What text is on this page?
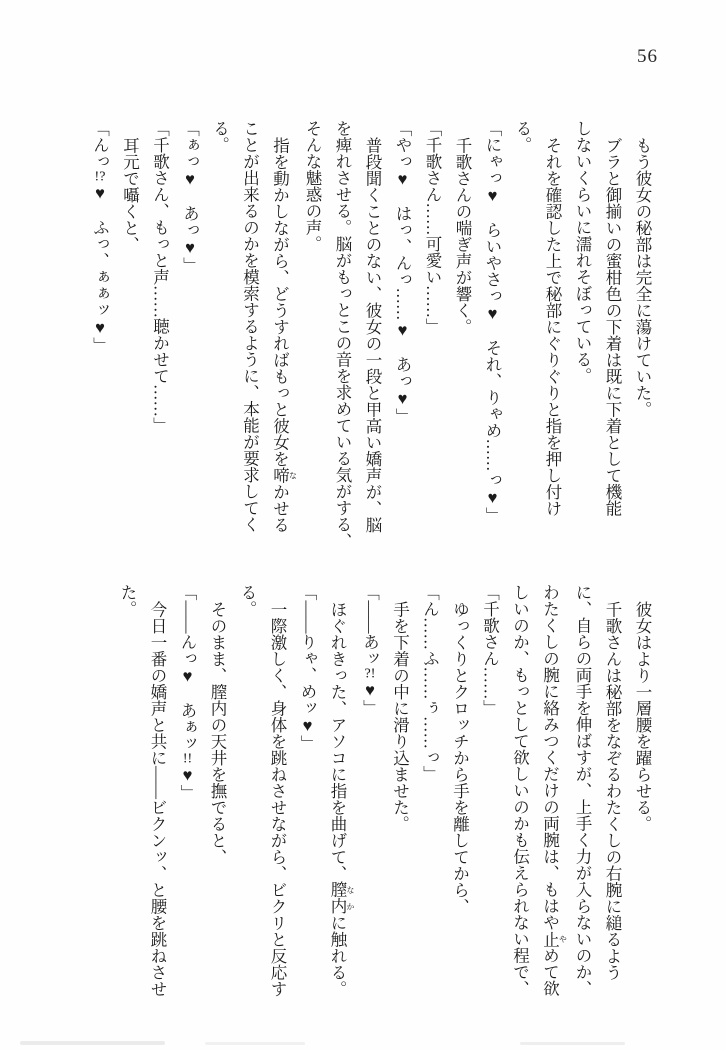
56

もう彼女の秘部は完全に蕩けていた。

ブラと御揃いの蜜柑色の下着は既に下着として機能

しないくらいに濡れそぼっている。

それを確認した上で秘部にぐりぐりと指を押し付け

る。

「にゃっ♥　らいやさっ♥　それ、りゃめ……っ♥」

千歌さんの喘ぎ声が響く。

「千歌さん……可愛い……」

「やっ♥　はっ、んっ……♥　あっ♥」

普段聞くことのない、彼女の一段と甲高い嬌声が、脳

を痺れさせる。脳がもっとこの音を求めている気がする、

そんな魅惑の声。

指を動かしながら、どうすればもっと彼女を啼 なかせる

ことが出来るのかを模索するように、本能が要求してく

る。

「ぁっ♥　あっ♥」

「千歌さん、もっと声……聴かせて……」

耳元で囁くと、

「んっ!?♥　ふっ、ぁぁッ♥」

彼女はより一層腰を躍らせる。

千歌さんは秘部をなぞるわたくしの右腕に縋るよう

に、自らの両手を伸ばすが、上手く力が入らないのか、

わたくしの腕に絡みつくだけの両腕は、もはや止 やめて欲

しいのか、もっとして欲しいのかも伝えられない程で、

「千歌さん……」

ゆっくりとクロッチから手を離してから、

「ん……ふ……ぅ……っ」

手を下着の中に滑り込ませた。

「——あッ?!♥」

ほぐれきった、アソコに指を曲げて、膣内 なかに触れる。

「——りゃ、めッ♥」

一際激しく、身体を跳ねさせながら、ビクリと反応す

る。

そのまま、膣内の天井を撫でると、

「——んっ♥　あぁッ!!♥」

今日一番の嬌声と共に——ビクンッ、と腰を跳ねさせ

た。
